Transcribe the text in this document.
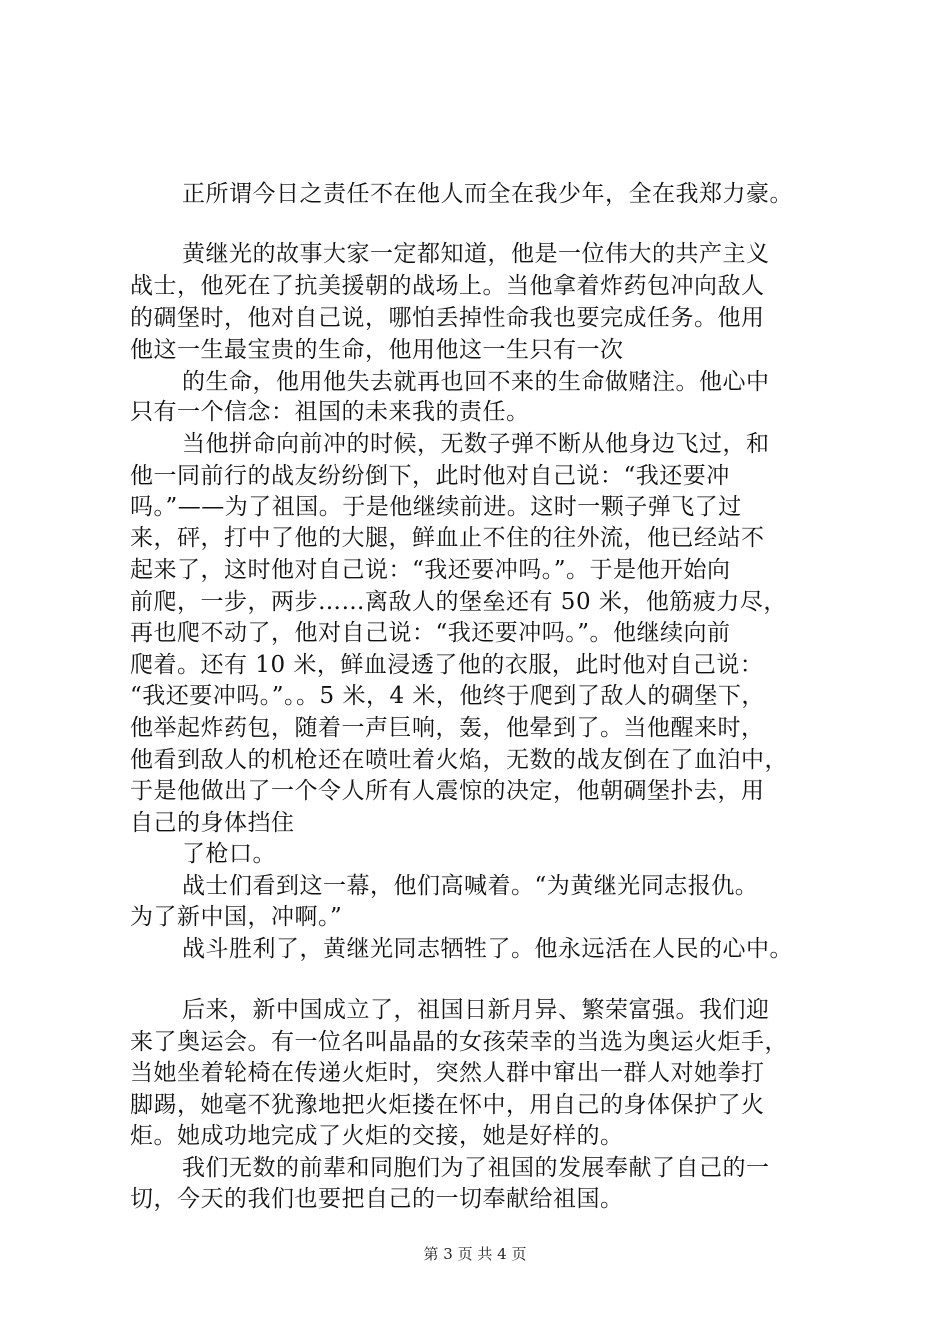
正所谓今日之责任不在他人而全在我少年，全在我郑力豪。
黄继光的故事大家一定都知道，他是一位伟大的共产主义
战士，他死在了抗美援朝的战场上。当他拿着炸药包冲向敌人
的碉堡时，他对自己说，哪怕丢掉性命我也要完成任务。他用
他这一生最宝贵的生命，他用他这一生只有一次
的生命，他用他失去就再也回不来的生命做赌注。他心中
只有一个信念：祖国的未来我的责任。
当他拼命向前冲的时候，无数子弹不断从他身边飞过，和
他一同前行的战友纷纷倒下，此时他对自己说：“我还要冲
吗。”——为了祖国。于是他继续前进。这时一颗子弹飞了过
来，砰，打中了他的大腿，鲜血止不住的往外流，他已经站不
起来了，这时他对自己说：“我还要冲吗。”。于是他开始向
前爬，一步，两步……离敌人的堡垒还有 50 米，他筋疲力尽，
再也爬不动了，他对自己说：“我还要冲吗。”。他继续向前
爬着。还有 10 米，鲜血浸透了他的衣服，此时他对自己说：
“我还要冲吗。”。。5 米，4 米，他终于爬到了敌人的碉堡下，
他举起炸药包，随着一声巨响，轰，他晕到了。当他醒来时，
他看到敌人的机枪还在喷吐着火焰，无数的战友倒在了血泊中，
于是他做出了一个令人所有人震惊的决定，他朝碉堡扑去，用
自己的身体挡住
了枪口。
战士们看到这一幕，他们高喊着。“为黄继光同志报仇。
为了新中国，冲啊。”
战斗胜利了，黄继光同志牺牲了。他永远活在人民的心中。
后来，新中国成立了，祖国日新月异、繁荣富强。我们迎
来了奥运会。有一位名叫晶晶的女孩荣幸的当选为奥运火炬手，
当她坐着轮椅在传递火炬时，突然人群中窜出一群人对她拳打
脚踢，她毫不犹豫地把火炬搂在怀中，用自己的身体保护了火
炬。她成功地完成了火炬的交接，她是好样的。
我们无数的前辈和同胞们为了祖国的发展奉献了自己的一
切，今天的我们也要把自己的一切奉献给祖国。
第 3 页 共 4 页
